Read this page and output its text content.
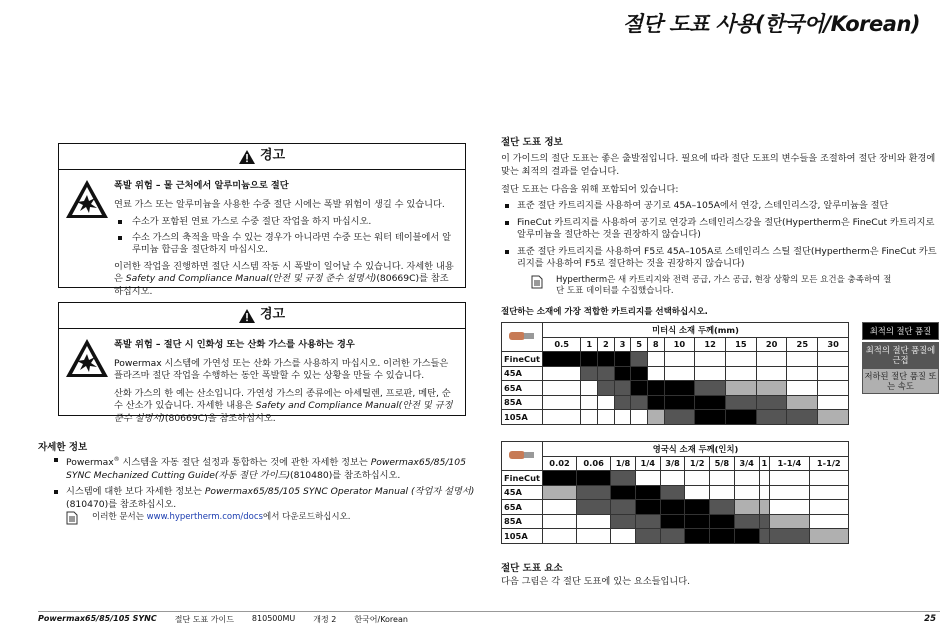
절단 도표 사용(한국어/Korean)
경고
폭발 위험 – 물 근처에서 알루미늄으로 절단

연료 가스 또는 알루미늄을 사용한 수중 절단 시에는 폭발 위험이 생길 수 있습니다.

수소가 포함된 연료 가스로 수중 절단 작업을 하지 마십시오.
수소 가스의 축적을 막을 수 있는 경우가 아니라면 수중 또는 워터 테이블에서 알루미늄 합금을 절단하지 마십시오.

이러한 작업을 진행하면 절단 시스템 작동 시 폭발이 일어날 수 있습니다. 자세한 내용은 Safety and Compliance Manual(안전 및 규정 준수 설명서)(80669C)를 참조하십시오.

경고
폭발 위험 – 절단 시 인화성 또는 산화 가스를 사용하는 경우

Powermax 시스템에 가연성 또는 산화 가스를 사용하지 마십시오. 이러한 가스들은 플라즈마 절단 작업을 수행하는 동안 폭발할 수 있는 상황을 만들 수 있습니다.

산화 가스의 한 예는 산소입니다. 가연성 가스의 종류에는 아세틸렌, 프로판, 메탄, 순수 산소가 있습니다. 자세한 내용은 Safety and Compliance Manual(안전 및 규정 준수 설명서)(80669C)을 참조하십시오.

자세한 정보
Powermax® 시스템을 자동 절단 설정과 통합하는 것에 관한 자세한 정보는 Powermax65/85/105 SYNC Mechanized Cutting Guide(자동 절단 가이드)(810480)를 참조하십시오.
시스템에 대한 보다 자세한 정보는 Powermax65/85/105 SYNC Operator Manual (작업자 설명서)(810470)를 참조하십시오.
이러한 문서는 www.hypertherm.com/docs에서 다운로드하십시오.
절단 도표 정보
이 가이드의 절단 도표는 좋은 출발점입니다. 필요에 따라 절단 도표의 변수들을 조절하여 절단 장비와 환경에 맞는 최적의 결과를 얻습니다.
절단 도표는 다음을 위해 포함되어 있습니다:
표준 절단 카트리지를 사용하여 공기로 45A–105A에서 연강, 스테인리스강, 알루미늄을 절단
FineCut 카트리지를 사용하여 공기로 연강과 스테인리스강을 절단(Hypertherm은 FineCut 카트리지로 알루미늄을 절단하는 것을 권장하지 않습니다)
표준 절단 카트리지를 사용하여 F5로 45A–105A로 스테인리스 스틸 절단(Hypertherm은 FineCut 카트리지를 사용하여 F5로 절단하는 것을 권장하지 않습니다)
Hypertherm은 새 카트리지와 전력 공급, 가스 공급, 현장 상황의 모든 요건을 충족하여 절단 도표 데이터를 수집했습니다.
절단하는 소재에 가장 적합한 카트리지를 선택하십시오.
	미터식 소재 두께(mm)											
	0.5	1	2	3	5	8	10	12	15	20	25	30
FineCut												
45A												
65A												
85A												
105A												
	영국식 소재 두께(인치)										
	0.02	0.06	1/8	1/4	3/8	1/2	5/8	3/4	1	1-1/4	1-1/2
FineCut											
45A											
65A											
85A											
105A											
최적의 절단 품질
최적의 절단 품질에 근접
저하된 절단 품질 또는 속도
절단 도표 요소
다음 그림은 각 절단 도표에 있는 요소들입니다.
Powermax65/85/105 SYNC 절단 도표 가이드 810500MU 개정 2 한국어/Korean	25
